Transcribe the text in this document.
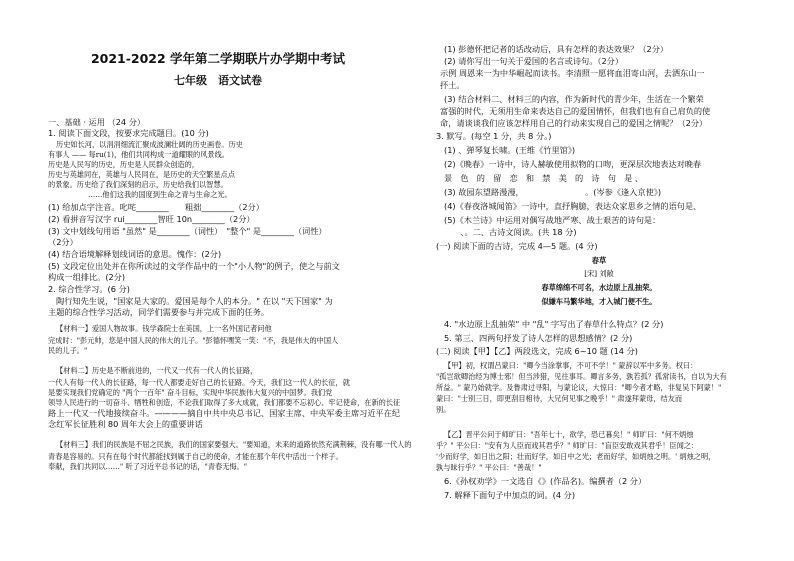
2021-2022 学年第二学期联片办学期中考试
七年级　语文试卷
一、基础 · 运用 （24 分）
1. 阅读下面文段，按要求完成题目。(10 分)
历史如长河，以涓涓细流汇聚成波澜壮阔的历史画卷。历史
有事人 —— 每ru(1)，他们共同构成一道耀眼的风景线。
历史是人民写的历史，历史是人民群众创造的，
历史与英雄同在，英雄与人民同在，是历史的天空繁星点点
的景象。历史给了我们深刻的启示，历史给我们以智慧。
……他们这我的国度到生命之青与生命之光。
(1) 给加点字注音。叱咤________　　粗拙________（2分）
(2) 看拼音写汉字 rui________智旺 10n________（2分）
(3) 文中划线句用语 "虽然" 是________（词性）　"整个" 是________（词性）
（2分）
(4) 结合语境解释划线词语的意思。愧作：(2分)
(5) 文段定位出处并在你所读过的文学作品中的一个"小人物"的例子，使之与前文
构成一组排比。(2分)
2. 综合性学习。(6 分)
陶行知先生说，"国家是大家的。爱国是每个人的本分。" 在以 "天下国家" 为
主题的综合性学习活动，同学们需要参与并完成下面的任务。
【材料一】爱国人物故事。钱学森院士在美国，上一名外国记者问他
完成时："彭元帅，您是中国人民的伟大的儿子。"彭德怀嘿笑一笑："不，我是伟大的中国人
民的儿子。"
【材料二】历史是不断前进的，一代又一代有一代人的长征路，
一代人有每一代人的长征路，每一代人都要走好自己的长征路。今天，我们这一代人的长征，就
是要实现我们党确定的 "两个一百年" 奋斗目标，实现中华民族伟大复兴的中国梦。我们党
领导人民进行的一切奋斗、牺牲和创造，不论我们取得了多大成就，我们都要不忘初心、牢记使命，在新的长征
路上一代又一代地接续奋斗。————摘自中共中央总书记、国家主席、中央军委主席习近平在纪
念红军长征胜利 80 周年大会上的重要讲话
【材料三】我们的民族是不屈之民族，我们的国家要强大。"要知道，未来的道路依然充满荆棘，没有哪一代人的
青春是容易的。只有在每个时代都能找到属于自己的使命，才能在那个年代中活出一个样子。
奉献，我们共同以……" 听了习近平总书记的话，"青春无悔。"
(1) 彭德怀把记者的话改动后，具有怎样的表达效果？（2分）
(2) 请你写出一句关于爱国的名言或诗句。（2分）
示例 周恩来一为中华崛起而读书。李清照一愿将血泪寄山河，去洒东山一
抔土。
(3) 结合材料二、材料三的内容，作为新时代的青少年，生活在一个繁荣
富强的时代，无须用生命来表达自己的爱国情怀，但我们也有自己肩负的使
命，请谈谈我们应该怎样用自己的行动来实现自己的爱国之情呢？（2分）
3. 默写。(每空 1 分，共 8 分。)
(1) 、弹琴复长啸。(王维《竹里馆》)
(2)《晚春》一诗中，诗人赫敏使用拟物的口吻，更深层次地表达对晚春
景　色　的　留　恋　和　禁　美　的　诗　句　是 、
(3) 故园东望路漫漫，　　　　　　　　。(岑参《逢入京使》)
(4)《春夜洛城闻笛》一诗中，直抒胸臆，表达众家思乡之情的语句是、
(5)《木兰诗》中运用对偶写战地严寒、战士艰苦的诗句是：
　　、。二、古诗文阅读。(共 18 分)
(一) 阅读下面的古诗，完成 4—5 题。(4 分)
春草
[宋] 刘敞
春草绵绵不可名，水边原上乱抽荣。
似嫌车马繁华地，才入城门便不生。
4. "水边原上乱抽荣" 中 "乱" 字写出了春草什么特点？(2 分)
5. 第三、四两句抒发了诗人怎样的思想感情？(2 分)
(二) 阅读【甲】【乙】两段选文，完成 6~10 题 (14 分)
【甲】初，权谓吕蒙曰："卿今当涂掌事，不可不学！" 蒙辞以军中多务。权曰：
"孤岂欲卿治经为博士邪！但当涉猎，见往事耳。卿言多务，孰若孤？孤常读书，自以为大有
所益。" 蒙乃始就学。及鲁肃过寻阳，与蒙论议，大惊曰："卿今者才略，非复吴下阿蒙！"
蒙曰："士别三日，即更刮目相待，大兄何见事之晚乎！" 肃遂拜蒙母，结友而
别。
【乙】晋平公问于师旷曰："吾年七十，欲学，恐已暮矣！" 师旷曰："何不炳烛
乎？" 平公曰："安有为人臣而戏其君乎？" 师旷曰："盲臣安敢戏其君乎！臣闻之：
'少而好学，如日出之阳；壮而好学，如日中之光；老而好学，如炳烛之明。' 炳烛之明，
孰与昧行乎？" 平公曰："善哉！"
6.《孙权劝学》一文选自《》(作品名)。编撰者（2 分）
7. 解释下面句子中加点的词。(4 分)
